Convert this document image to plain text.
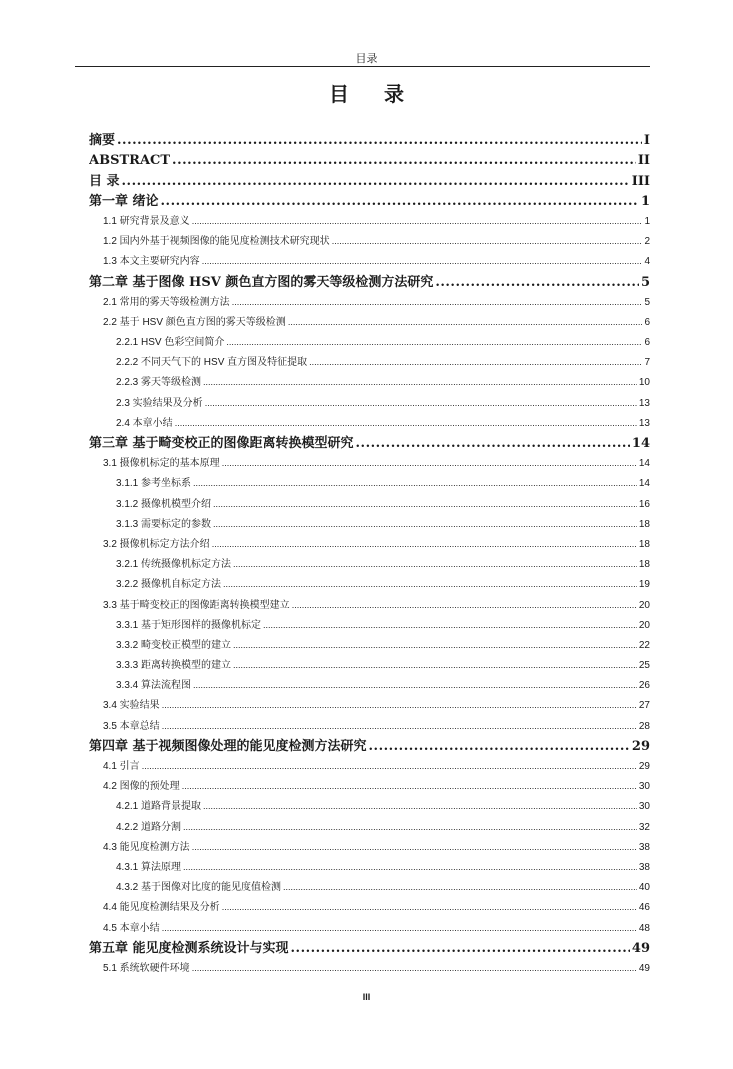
目录
目 录
摘要 .....	I
ABSTRACT .....	II
目 录 .....	III
第一章 绪论 .....	1
1.1 研究背景及意义 .....	1
1.2 国内外基于视频图像的能见度检测技术研究现状 .....	2
1.3 本文主要研究内容 .....	4
第二章 基于图像 HSV 颜色直方图的雾天等级检测方法研究 .....	5
2.1 常用的雾天等级检测方法 .....	5
2.2 基于 HSV 颜色直方图的雾天等级检测 .....	6
2.2.1 HSV 色彩空间简介 .....	6
2.2.2 不同天气下的 HSV 直方图及特征提取 .....	7
2.2.3 雾天等级检测 .....	10
2.3 实验结果及分析 .....	13
2.4 本章小结 .....	13
第三章 基于畸变校正的图像距离转换模型研究 .....	14
3.1 摄像机标定的基本原理 .....	14
3.1.1 参考坐标系 .....	14
3.1.2 摄像机模型介绍 .....	16
3.1.3 需要标定的参数 .....	18
3.2 摄像机标定方法介绍 .....	18
3.2.1 传统摄像机标定方法 .....	18
3.2.2 摄像机自标定方法 .....	19
3.3 基于畸变校正的图像距离转换模型建立 .....	20
3.3.1 基于矩形图样的摄像机标定 .....	20
3.3.2 畸变校正模型的建立 .....	22
3.3.3 距离转换模型的建立 .....	25
3.3.4 算法流程图 .....	26
3.4 实验结果 .....	27
3.5 本章总结 .....	28
第四章 基于视频图像处理的能见度检测方法研究 .....	29
4.1 引言 .....	29
4.2 图像的预处理 .....	30
4.2.1 道路背景提取 .....	30
4.2.2 道路分割 .....	32
4.3 能见度检测方法 .....	38
4.3.1 算法原理 .....	38
4.3.2 基于图像对比度的能见度值检测 .....	40
4.4 能见度检测结果及分析 .....	46
4.5 本章小结 .....	48
第五章 能见度检测系统设计与实现 .....	49
5.1 系统软硬件环境 .....	49
III
